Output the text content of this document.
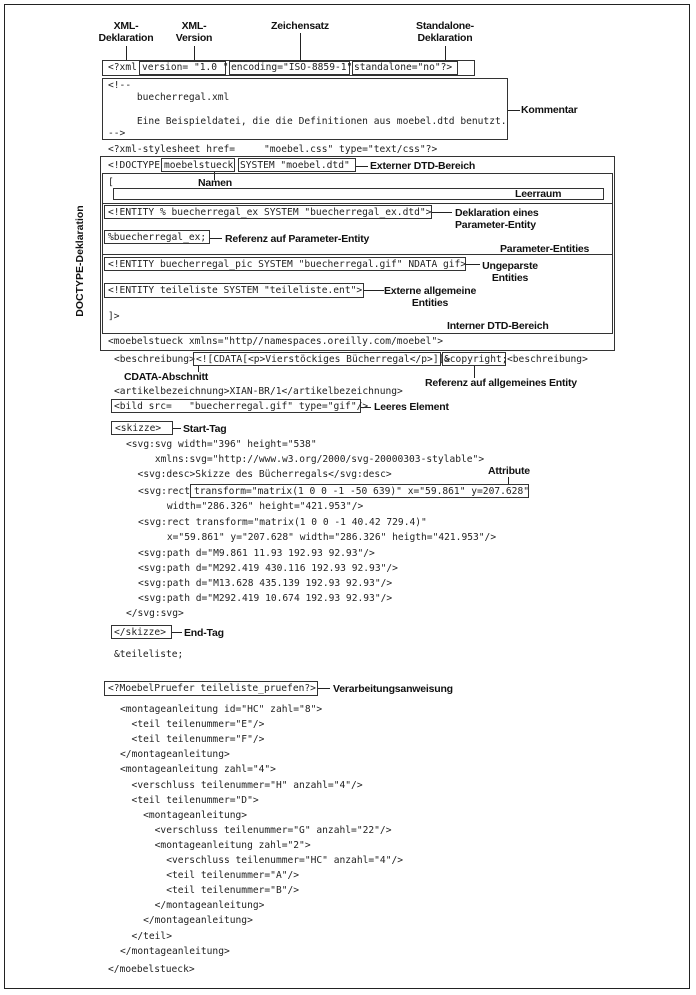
XML-
Deklaration
XML-
Version
Zeichensatz	Standalone-
Deklaration
<?xml version= "1.0 " encoding="ISO-8859-1" standalone="no"?>
<!--
buecherregal.xml
Eine Beispieldatei, die die Definitionen aus moebel.dtd benutzt.
-->
Kommentar
<?xml-stylesheet href=     "moebel.css" type="text/css"?>
DOCTYPE-Deklaration
<!DOCTYPE moebelstueck SYSTEM "moebel.dtd" Externer DTD-Bereich
Namen
[
Leerraum
<!ENTITY % buecherregal_ex SYSTEM "buecherregal_ex.dtd"> Deklaration eines
Parameter-Entity
%buecherregal_ex; Referenz auf Parameter-Entity
Parameter-Entities
<!ENTITY buecherregal_pic SYSTEM "buecherregal.gif" NDATA gif>	Ungeparste
Entities
<!ENTITY teileliste SYSTEM "teileliste.ent"> Externe allgemeine
Entities
]>
Interner DTD-Bereich
<moebelstueck xmlns="http//namespaces.oreilly.com/moebel">
<beschreibung> <![CDATA[<p>Vierstöckiges Bücherregal</p>]]>
&copyright; <beschreibung>
CDATA-Abschnitt	Referenz auf allgemeines Entity
<artikelbezeichnung>XIAN-BR/1</artikelbezeichnung>
<bild src=   "buecherregal.gif" type="gif"/> Leeres Element
<skizze> Start-Tag
<svg:svg width="396" height="538"
xmlns:svg="http://www.w3.org/2000/svg-20000303-stylable">
<svg:desc>Skizze des Bücherregals</svg:desc>	Attribute
<svg:rect
transform="matrix(1 0 0 -1 -50 639)" x="59.861" y=207.628"
width="286.326" height="421.953"/>
<svg:rect transform="matrix(1 0 0 -1 40.42 729.4)"
x="59.861" y="207.628" width="286.326" heigth="421.953"/>
<svg:path d="M9.861 11.93 192.93 92.93"/>
<svg:path d="M292.419 430.116 192.93 92.93"/>
<svg:path d="M13.628 435.139 192.93 92.93"/>
<svg:path d="M292.419 10.674 192.93 92.93"/>
</svg:svg>
</skizze> End-Tag
&teileliste;
<?MoebelPruefer teileliste_pruefen?> Verarbeitungsanweisung
<montageanleitung id="HC" zahl="8">
<teil teilenummer="E"/>
<teil teilenummer="F"/>
</montageanleitung>
<montageanleitung zahl="4">
<verschluss teilenummer="H" anzahl="4"/>
<teil teilenummer="D">
<montageanleitung>
<verschluss teilenummer="G" anzahl="22"/>
<montageanleitung zahl="2">
<verschluss teilenummer="HC" anzahl="4"/>
<teil teilenummer="A"/>
<teil teilenummer="B"/>
</montageanleitung>
</montageanleitung>
</teil>
</montageanleitung>
</moebelstueck>
